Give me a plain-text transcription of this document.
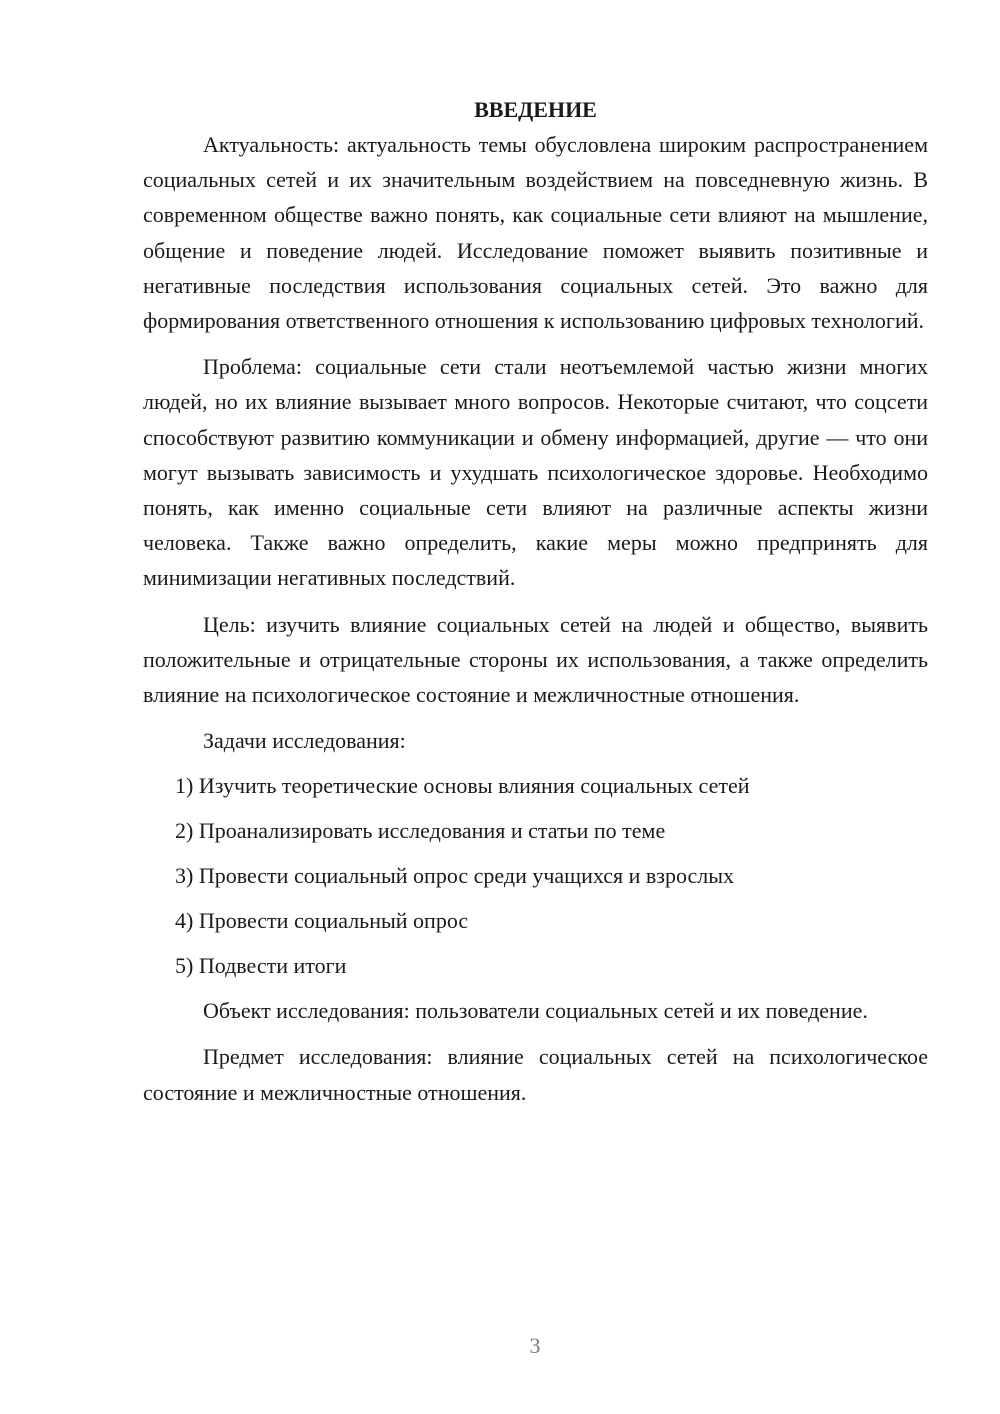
ВВЕДЕНИЕ

Актуальность: актуальность темы обусловлена широким распространением социальных сетей и их значительным воздействием на повседневную жизнь. В современном обществе важно понять, как социальные сети влияют на мышление, общение и поведение людей. Исследование поможет выявить позитивные и негативные последствия использования социальных сетей. Это важно для формирования ответственного отношения к использованию цифровых технологий.

Проблема: социальные сети стали неотъемлемой частью жизни многих людей, но их влияние вызывает много вопросов. Некоторые считают, что соцсети способствуют развитию коммуникации и обмену информацией, другие — что они могут вызывать зависимость и ухудшать психологическое здоровье. Необходимо понять, как именно социальные сети влияют на различные аспекты жизни человека. Также важно определить, какие меры можно предпринять для минимизации негативных последствий.

Цель: изучить влияние социальных сетей на людей и общество, выявить положительные и отрицательные стороны их использования, а также определить влияние на психологическое состояние и межличностные отношения.

Задачи исследования:
1) Изучить теоретические основы влияния социальных сетей
2) Проанализировать исследования и статьи по теме
3) Провести социальный опрос среди учащихся и взрослых
4) Провести социальный опрос
5) Подвести итоги

Объект исследования: пользователи социальных сетей и их поведение.

Предмет исследования: влияние социальных сетей на психологическое состояние и межличностные отношения.

3
